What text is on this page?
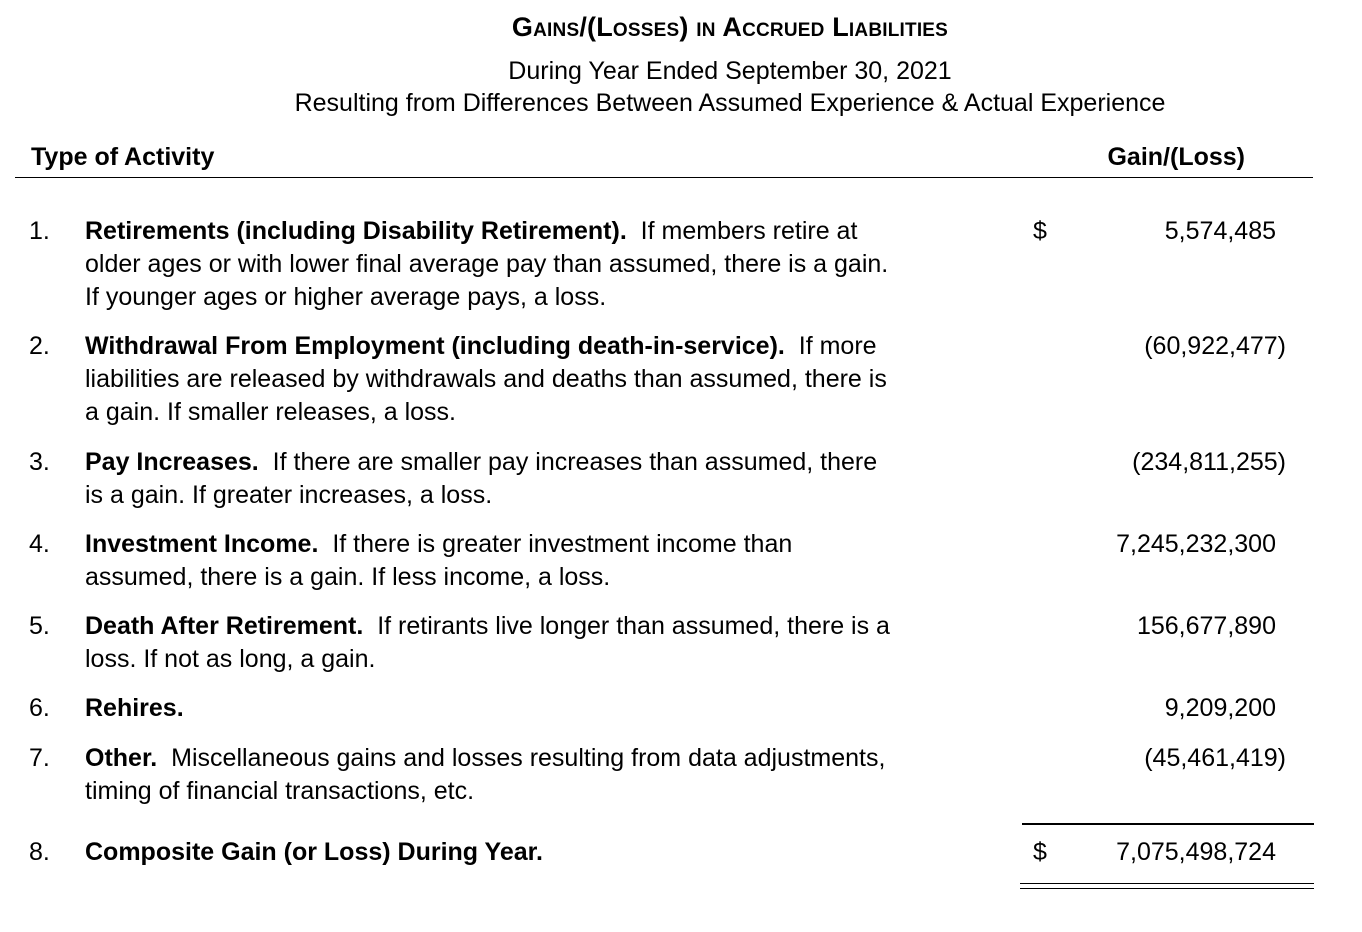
Gains/(Losses) in Accrued Liabilities
During Year Ended September 30, 2021
Resulting from Differences Between Assumed Experience & Actual Experience
Type of Activity	Gain/(Loss)
1. Retirements (including Disability Retirement). If members retire at
older ages or with lower final average pay than assumed, there is a gain.
If younger ages or higher average pays, a loss.
$	5,574,485
2. Withdrawal From Employment (including death-in-service). If more
liabilities are released by withdrawals and deaths than assumed, there is
a gain. If smaller releases, a loss.
(60,922,477)
3. Pay Increases. If there are smaller pay increases than assumed, there
is a gain. If greater increases, a loss.
(234,811,255)
4. Investment Income. If there is greater investment income than
assumed, there is a gain. If less income, a loss.
7,245,232,300
5. Death After Retirement. If retirants live longer than assumed, there is a
loss. If not as long, a gain.
156,677,890
6. Rehires.	9,209,200
7. Other. Miscellaneous gains and losses resulting from data adjustments,
timing of financial transactions, etc.
(45,461,419)
8. Composite Gain (or Loss) During Year.	$	7,075,498,724
